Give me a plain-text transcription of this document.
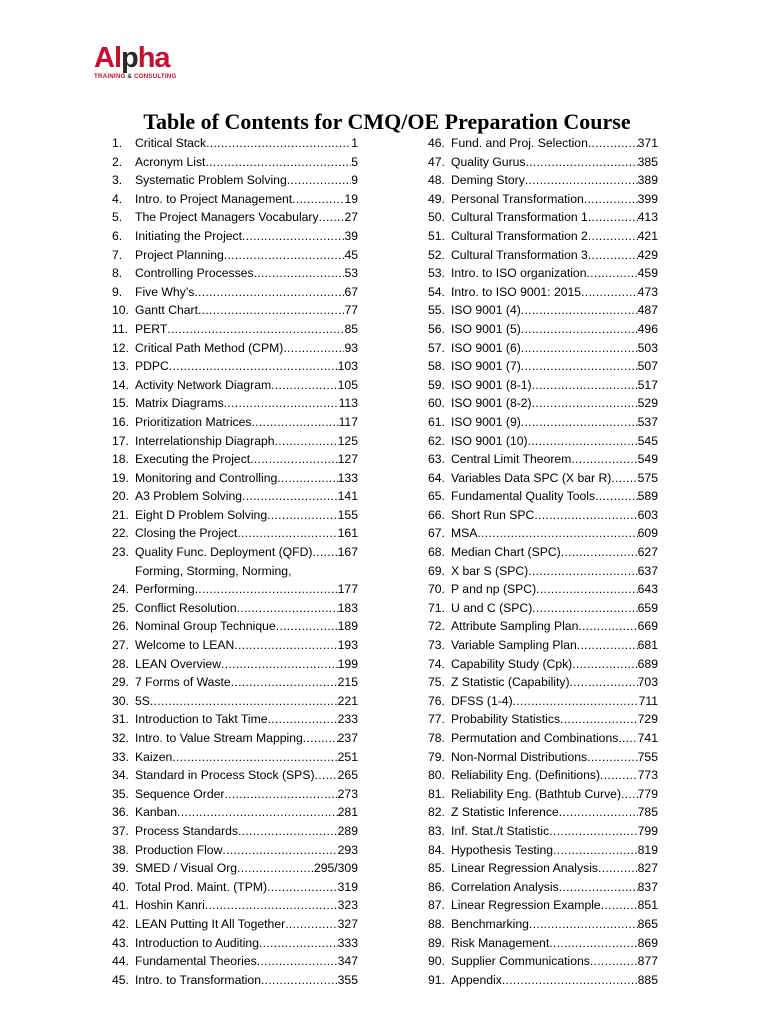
Alpha
TRAINING & CONSULTING
Table of Contents for CMQ/OE Preparation Course
1.	Critical Stack .....	1
2.	Acronym List .....	5
3.	Systematic Problem Solving .....	9
4.	Intro. to Project Management .....	19
5.	The Project Managers Vocabulary ..... 27
6.	Initiating the Project .....	39
7.	Project Planning .....	45
8.	Controlling Processes .....	53
9.	Five Why’s .....	67
10. Gantt Chart .....	77
11. PERT .....	85
12. Critical Path Method (CPM) .....	93
13. PDPC .....	103
14. Activity Network Diagram .....	105
15. Matrix Diagrams .....	113
16. Prioritization Matrices .....	117
17. Interrelationship Diagraph .....	125
18. Executing the Project .....	127
19. Monitoring and Controlling .....	133
20. A3 Problem Solving .....	141
21. Eight D Problem Solving .....	155
22. Closing the Project .....	161
23. Quality Func. Deployment (QFD) ..... 167
24.
Forming, Storming, Norming,
Performing .....	177
25. Conflict Resolution .....	183
26. Nominal Group Technique .....	189
27. Welcome to LEAN .....	193
28. LEAN Overview .....	199
29. 7 Forms of Waste .....	215
30. 5S .....	221
31. Introduction to Takt Time .....	233
32. Intro. to Value Stream Mapping .....	237
33. Kaizen .....	251
34. Standard in Process Stock (SPS) ..... 265
35. Sequence Order .....	273
36. Kanban .....	281
37. Process Standards .....	289
38. Production Flow .....	293
39. SMED / Visual Org .....	295/309
40. Total Prod. Maint. (TPM) .....	319
41. Hoshin Kanri .....	323
42. LEAN Putting It All Together .....	327
43. Introduction to Auditing .....	333
44. Fundamental Theories .....	347
45. Intro. to Transformation .....	355
46. Fund. and Proj. Selection .....	371
47. Quality Gurus .....	385
48. Deming Story .....	389
49. Personal Transformation .....	399
50. Cultural Transformation 1 .....	413
51. Cultural Transformation 2 .....	421
52. Cultural Transformation 3 .....	429
53. Intro. to ISO organization .....	459
54. Intro. to ISO 9001: 2015 .....	473
55. ISO 9001 (4) .....	487
56. ISO 9001 (5) .....	496
57. ISO 9001 (6) .....	503
58. ISO 9001 (7) .....	507
59. ISO 9001 (8-1) .....	517
60. ISO 9001 (8-2) .....	529
61. ISO 9001 (9) .....	537
62. ISO 9001 (10) .....	545
63. Central Limit Theorem .....	549
64. Variables Data SPC (X bar R) ..... 575
65. Fundamental Quality Tools .....	589
66. Short Run SPC .....	603
67. MSA .....	609
68. Median Chart (SPC) .....	627
69. X bar S (SPC) .....	637
70. P and np (SPC) .....	643
71. U and C (SPC) .....	659
72. Attribute Sampling Plan .....	669
73. Variable Sampling Plan .....	681
74. Capability Study (Cpk) .....	689
75. Z Statistic (Capability) .....	703
76. DFSS (1-4) .....	711
77. Probability Statistics .....	729
78. Permutation and Combinations ..... 741
79. Non-Normal Distributions .....	755
80. Reliability Eng. (Definitions) .....	773
81. Reliability Eng. (Bathtub Curve) ..... 779
82. Z Statistic Inference .....	785
83. Inf. Stat./t Statistic .....	799
84. Hypothesis Testing .....	819
85. Linear Regression Analysis .....	827
86. Correlation Analysis .....	837
87. Linear Regression Example .....	851
88. Benchmarking .....	865
89. Risk Management .....	869
90. Supplier Communications .....	877
91. Appendix .....	885
